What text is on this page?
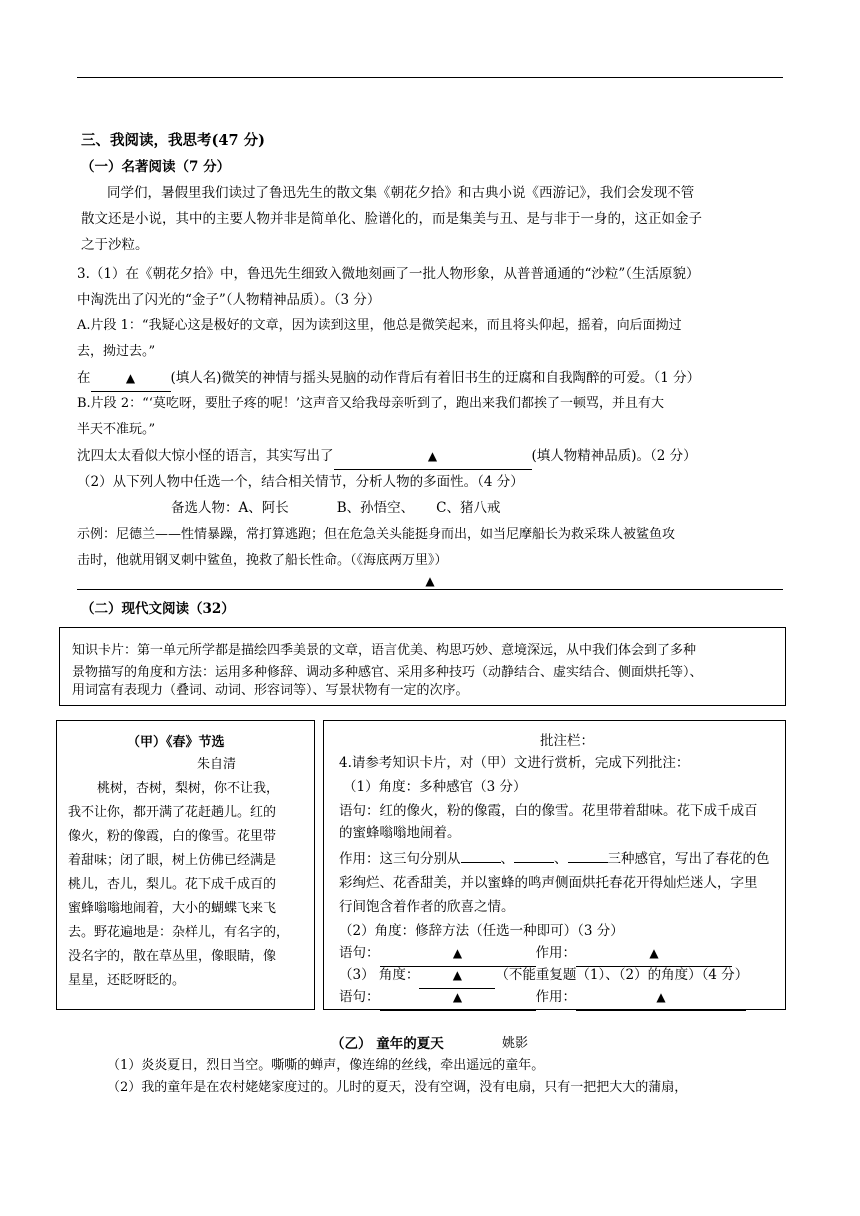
三、我阅读，我思考(47 分)
（一）名著阅读（7 分）
同学们，暑假里我们读过了鲁迅先生的散文集《朝花夕拾》和古典小说《西游记》，我们会发现不管
散文还是小说，其中的主要人物并非是简单化、脸谱化的，而是集美与丑、是与非于一身的，这正如金子
之于沙粒。
3.（1）在《朝花夕拾》中，鲁迅先生细致入微地刻画了一批人物形象，从普普通通的“沙粒”（生活原貌）
中淘洗出了闪光的“金子”（人物精神品质）。（3 分）
A.片段 1：“我疑心这是极好的文章，因为读到这里，他总是微笑起来，而且将头仰起，摇着，向后面拗过
去，拗过去。”
在	▲	(填人名)微笑的神情与摇头晃脑的动作背后有着旧书生的迂腐和自我陶醉的可爱。（1 分）
B.片段 2：“‘莫吃呀，要肚子疼的呢！’这声音又给我母亲听到了，跑出来我们都挨了一顿骂，并且有大
半天不准玩。”
沈四太太看似大惊小怪的语言，其实写出了	▲	(填人物精神品质)。（2 分）
（2）从下列人物中任选一个，结合相关情节，分析人物的多面性。（4 分）
备选人物：A、阿长	B、孙悟空、 C、猪八戒
示例：尼德兰——性情暴躁，常打算逃跑；但在危急关头能挺身而出，如当尼摩船长为救采珠人被鲨鱼攻
击时，他就用钢叉刺中鲨鱼，挽救了船长性命。（《海底两万里》）
▲
（二）现代文阅读（32）
知识卡片：第一单元所学都是描绘四季美景的文章，语言优美、构思巧妙、意境深远，从中我们体会到了多种
景物描写的角度和方法：运用多种修辞、调动多种感官、采用多种技巧（动静结合、虚实结合、侧面烘托等）、
用词富有表现力（叠词、动词、形容词等）、写景状物有一定的次序。
（甲）《春》节选
朱自清
桃树，杏树，梨树，你不让我，
我不让你，都开满了花赶趟儿。红的
像火，粉的像霞，白的像雪。花里带
着甜味；闭了眼，树上仿佛已经满是
桃儿，杏儿，梨儿。花下成千成百的
蜜蜂嗡嗡地闹着，大小的蝴蝶飞来飞
去。野花遍地是：杂样儿，有名字的，
没名字的，散在草丛里，像眼睛，像
星星，还眨呀眨的。
批注栏：
4.请参考知识卡片，对（甲）文进行赏析，完成下列批注：
（1）角度：多种感官（3 分）
语句：红的像火，粉的像霞，白的像雪。花里带着甜味。花下成千成百
的蜜蜂嗡嗡地闹着。
作用：这三句分别从	、	、	三种感官，写出了春花的色
彩绚烂、花香甜美，并以蜜蜂的鸣声侧面烘托春花开得灿烂迷人，字里
行间饱含着作者的欣喜之情。
（2）角度：修辞方法（任选一种即可）（3 分）
语句：	▲	作用：	▲
（3） 角度：	▲ （不能重复题（1）、（2）的角度）（4 分）
语句：	▲	作用：	▲
（乙） 童年的夏天	姚影
（1）炎炎夏日，烈日当空。嘶嘶的蝉声，像连绵的丝线，牵出遥远的童年。
（2）我的童年是在农村姥姥家度过的。儿时的夏天，没有空调，没有电扇，只有一把把大大的蒲扇，
